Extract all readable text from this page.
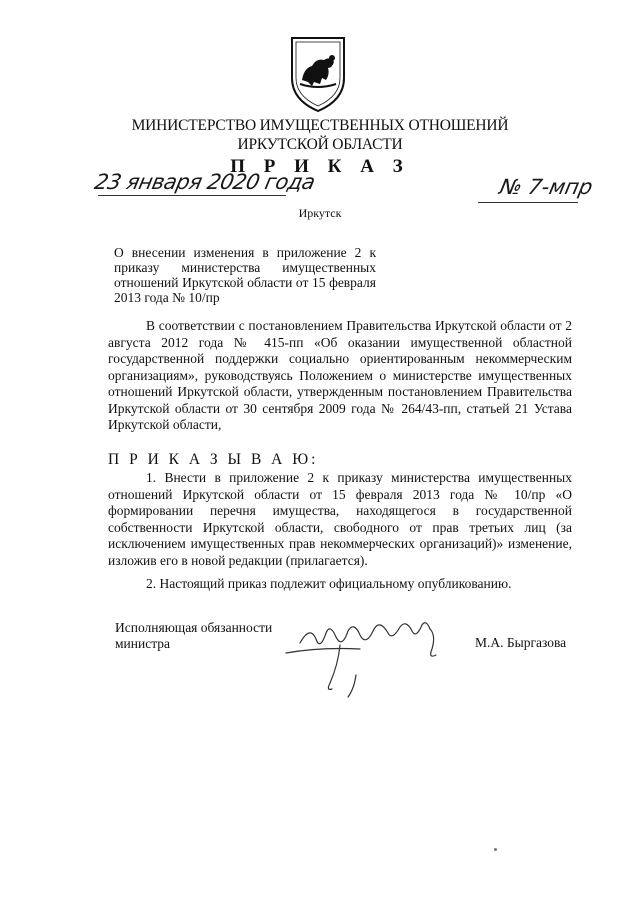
МИНИСТЕРСТВО ИМУЩЕСТВЕННЫХ ОТНОШЕНИЙ
ИРКУТСКОЙ ОБЛАСТИ
П Р И К А З
23 января 2020 года	№ 7-мпр
Иркутск
О внесении изменения в приложение 2 к приказу министерства имущественных отношений Иркутской области от 15 февраля 2013 года № 10/пр

В соответствии с постановлением Правительства Иркутской области от 2 августа 2012 года № 415-пп «Об оказании имущественной областной государственной поддержки социально ориентированным некоммерческим организациям», руководствуясь Положением о министерстве имущественных отношений Иркутской области, утвержденным постановлением Правительства Иркутской области от 30 сентября 2009 года № 264/43-пп, статьей 21 Устава Иркутской области,

П Р И К А З Ы В А Ю:

1. Внести в приложение 2 к приказу министерства имущественных отношений Иркутской области от 15 февраля 2013 года № 10/пр «О формировании перечня имущества, находящегося в государственной собственности Иркутской области, свободного от прав третьих лиц (за исключением имущественных прав некоммерческих организаций)» изменение, изложив его в новой редакции (прилагается).

2. Настоящий приказ подлежит официальному опубликованию.

Исполняющая обязанности
министра	М.А. Быргазова
